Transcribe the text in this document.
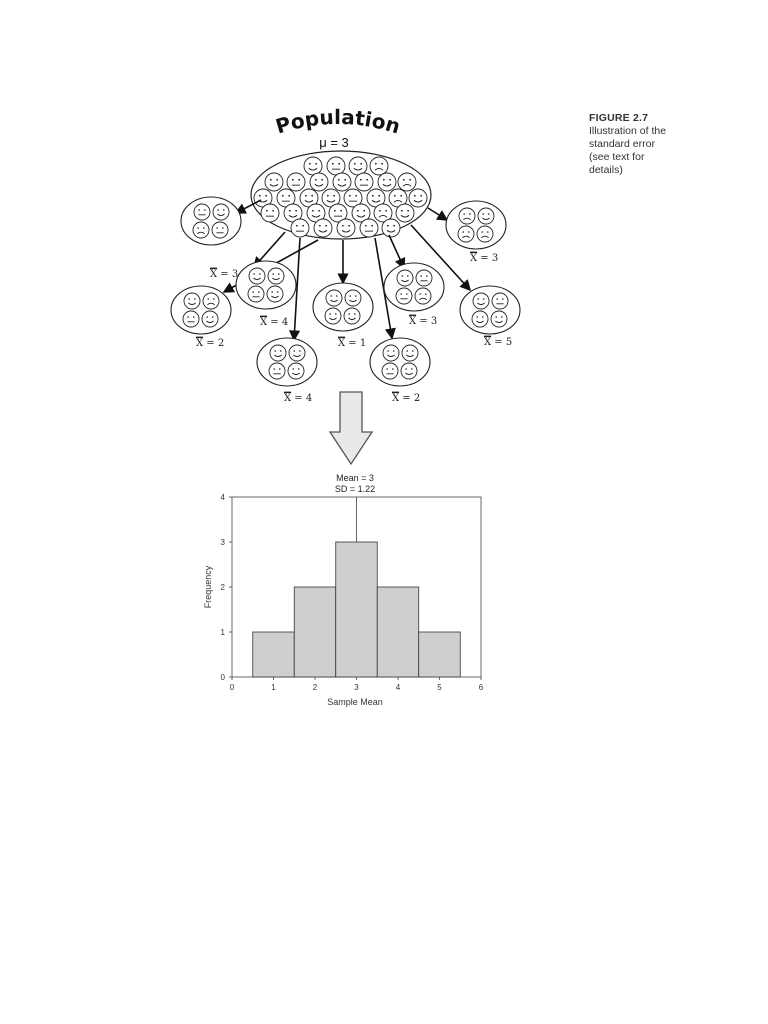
FIGURE 2.7
Illustration of the
standard error
(see text for
details)
Population
μ = 3
X = 3
X = 4
X = 2
X = 3
X = 1
X = 4
X = 3
X = 2
X = 5
Mean = 3
SD = 1.22
0	1	2	3	4	5	6
0
1
2
3
4
Sample Mean
Frequency
